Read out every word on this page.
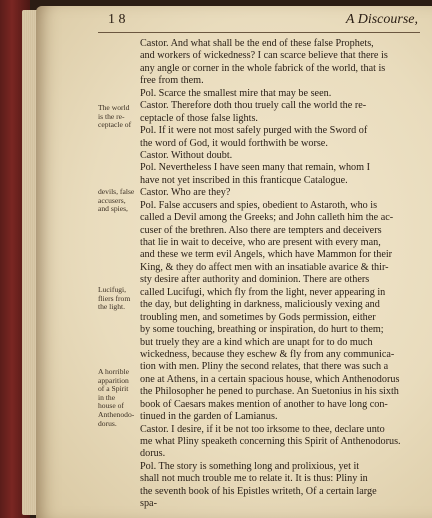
1 8	A Discourse,
Castor. And what shall be the end of these false Prophets,
and workers of wickedness? I can scarce believe that there is
any angle or corner in the whole fabrick of the world, that is
free from them.
Pol. Scarce the smallest mire that may be seen.
Castor. Therefore doth thou truely call the world the re-
ceptacle of those false lights.
Pol. If it were not most safely purged with the Sword of
the word of God, it would forthwith be worse.
Castor. Without doubt.
Pol. Nevertheless I have seen many that remain, whom I
have not yet inscribed in this franticque Catalogue.
Castor. Who are they?
Pol. False accusers and spies, obedient to Astaroth, who is
called a Devil among the Greeks; and John calleth him the ac-
cuser of the brethren. Also there are tempters and deceivers
that lie in wait to deceive, who are present with every man,
and these we term evil Angels, which have Mammon for their
King, & they do affect men with an insatiable avarice & thir-
sty desire after authority and dominion. There are others
called Lucifugi, which fly from the light, never appearing in
the day, but delighting in darkness, maliciously vexing and
troubling men, and sometimes by Gods permission, either
by some touching, breathing or inspiration, do hurt to them;
but truely they are a kind which are unapt for to do much
wickedness, because they eschew & fly from any communica-
tion with men. Pliny the second relates, that there was such a
one at Athens, in a certain spacious house, which Anthenodorus
the Philosopher he pened to purchase. An Suetonius in his sixth
book of Caesars makes mention of another to have long con-
tinued in the garden of Lamianus.
Castor. I desire, if it be not too irksome to thee, declare unto
me what Pliny speaketh concerning this Spirit of Anthenodorus.
dorus.
Pol. The story is something long and prolixious, yet it
shall not much trouble me to relate it. It is thus: Pliny in
the seventh book of his Epistles writeth, Of a certain large
spa-
The world
is the re-
ceptacle of
devils, false
accusers,
and spies,
Lucifugi,
fliers from
the light.
A horrible
apparition
of a Spirit
in the
house of
Anthenodo-
dorus.
